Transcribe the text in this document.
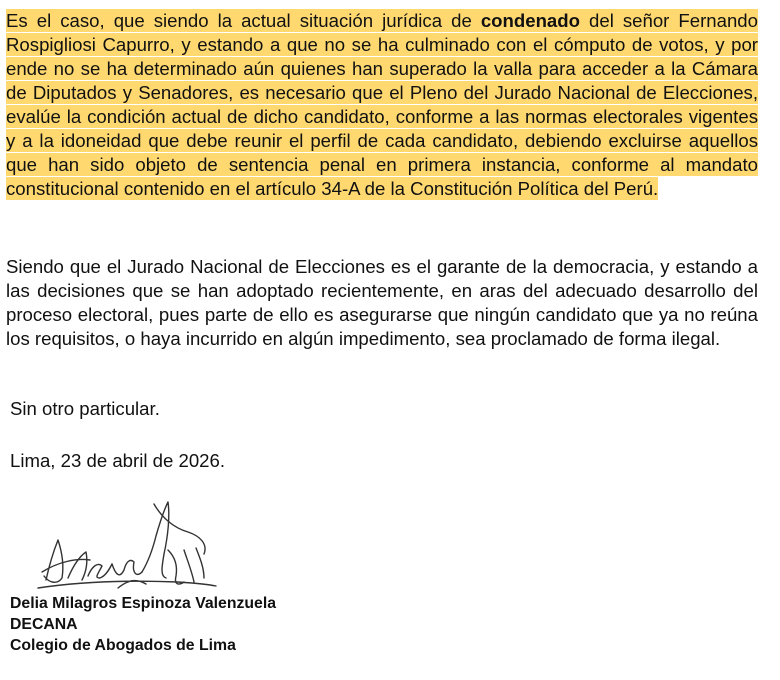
Es el caso, que siendo la actual situación jurídica de condenado del señor Fernando Rospigliosi Capurro, y estando a que no se ha culminado con el cómputo de votos, y por ende no se ha determinado aún quienes han superado la valla para acceder a la Cámara de Diputados y Senadores, es necesario que el Pleno del Jurado Nacional de Elecciones, evalúe la condición actual de dicho candidato, conforme a las normas electorales vigentes y a la idoneidad que debe reunir el perfil de cada candidato, debiendo excluirse aquellos que han sido objeto de sentencia penal en primera instancia, conforme al mandato constitucional contenido en el artículo 34-A de la Constitución Política del Perú.

Siendo que el Jurado Nacional de Elecciones es el garante de la democracia, y estando a las decisiones que se han adoptado recientemente, en aras del adecuado desarrollo del proceso electoral, pues parte de ello es asegurarse que ningún candidato que ya no reúna los requisitos, o haya incurrido en algún impedimento, sea proclamado de forma ilegal.

Sin otro particular.

Lima, 23 de abril de 2026.

Delia Milagros Espinoza Valenzuela

DECANA

Colegio de Abogados de Lima
